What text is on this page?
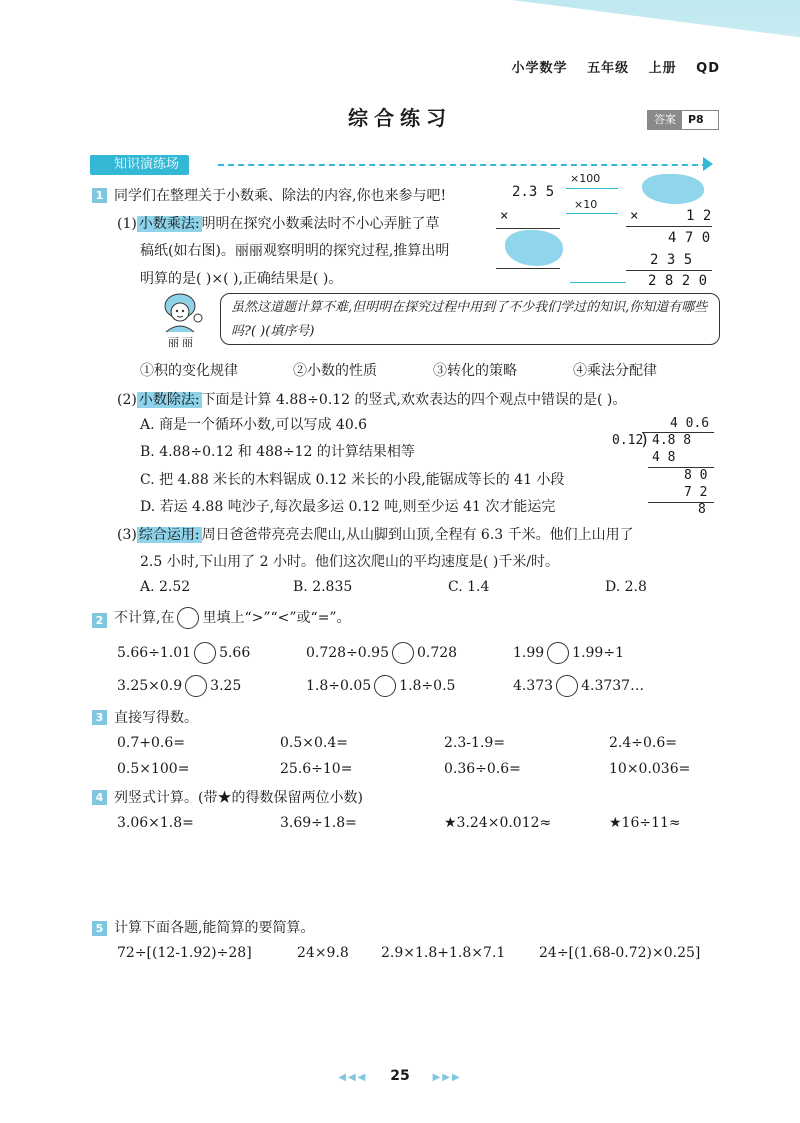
小学数学 五年级 上册 QD
综合练习	答案	P8
知识演练场
1 同学们在整理关于小数乘、除法的内容,你也来参与吧!
(1) 小数乘法: 明明在探究小数乘法时不小心弄脏了草
稿纸(如右图)。丽丽观察明明的探究过程,推算出明
明算的是( )×( ),正确结果是( )。
2.3 5
×100
×10
×	×	1 2
4 7 0
2 3 5
2 8 2 0
丽丽
虽然这道题计算不难,但明明在探究过程中用到了不少我们学过的知识,你知道有哪些吗?( )(填序号)
①积的变化规律	②小数的性质	③转化的策略	④乘法分配律
(2) 小数除法: 下面是计算 4.88÷0.12 的竖式,欢欢表达的四个观点中错误的是( )。
A. 商是一个循环小数,可以写成 40.6̇
B. 4.88÷0.12 和 488÷12 的计算结果相等
C. 把 4.88 米长的木料锯成 0.12 米长的小段,能锯成等长的 41 小段
D. 若运 4.88 吨沙子,每次最多运 0.12 吨,则至少运 41 次才能运完
4 0.6
0.12
) 4.8 8
4 8
8 0
7 2
8
(3) 综合运用: 周日爸爸带亮亮去爬山,从山脚到山顶,全程有 6.3 千米。他们上山用了
2.5 小时,下山用了 2 小时。他们这次爬山的平均速度是( )千米/时。
A. 2.52	B. 2.835	C. 1.4	D. 2.8
2 不计算,在 里填上“>”“<”或“=”。
5.66÷1.01 5.66	0.728÷0.95 0.728	1.99 1.99÷1
3.25×0.9 3.25	1.8÷0.05 1.8÷0.5	4.373 4.3737…
3 直接写得数。
0.7+0.6=	0.5×0.4=	2.3-1.9=	2.4÷0.6=
0.5×100=	25.6÷10=	0.36÷0.6=	10×0.036=
4 列竖式计算。(带★的得数保留两位小数)
3.06×1.8=	3.69÷1.8=	★3.24×0.012≈	★16÷11≈
5 计算下面各题,能简算的要简算。
72÷[(12-1.92)÷28]	24×9.8 2.9×1.8+1.8×7.1 24÷[(1.68-0.72)×0.25]
◀◀◀ 25 ▶▶▶
